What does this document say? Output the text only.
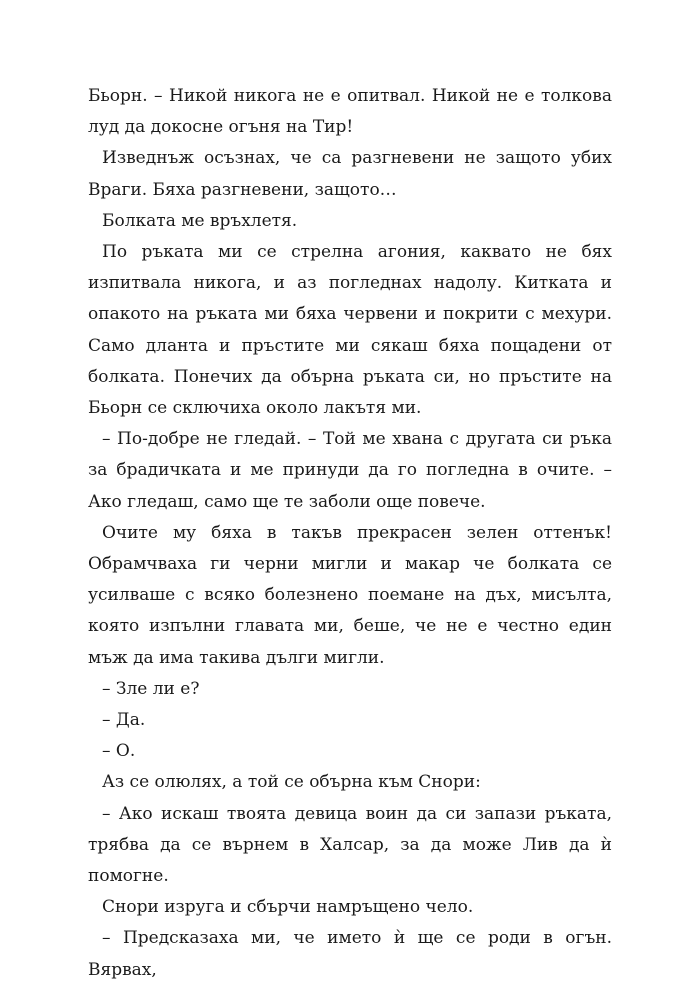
Бьорн. – Никой никога не е опитвал. Никой не е толкова луд да докосне огъня на Тир!

Изведнъж осъзнах, че са разгневени не защото убих Враги. Бяха разгневени, защото…

Болката ме връхлетя.

По ръката ми се стрелна агония, каквато не бях изпитвала никога, и аз погледнах надолу. Китката и опакото на ръката ми бяха червени и покрити с мехури. Само дланта и пръстите ми сякаш бяха пощадени от болката. Понечих да обърна ръката си, но пръстите на Бьорн се сключиха около лакътя ми.

– По-добре не гледай. – Той ме хвана с другата си ръка за брадичката и ме принуди да го погледна в очите. – Ако гледаш, само ще те заболи още повече.

Очите му бяха в такъв прекрасен зелен оттенък! Обрамчваха ги черни мигли и макар че болката се усилваше с всяко болезнено поемане на дъх, мисълта, която изпълни главата ми, беше, че не е честно един мъж да има такива дълги мигли.

– Зле ли е?

– Да.

– О.

Аз се олюлях, а той се обърна към Снори:

– Ако искаш твоята девица воин да си запази ръката, трябва да се върнем в Халсар, за да може Лив да ѝ помогне.

Снори изруга и сбърчи намръщено чело.

– Предсказаха ми, че името ѝ ще се роди в огън. Вярвах,
